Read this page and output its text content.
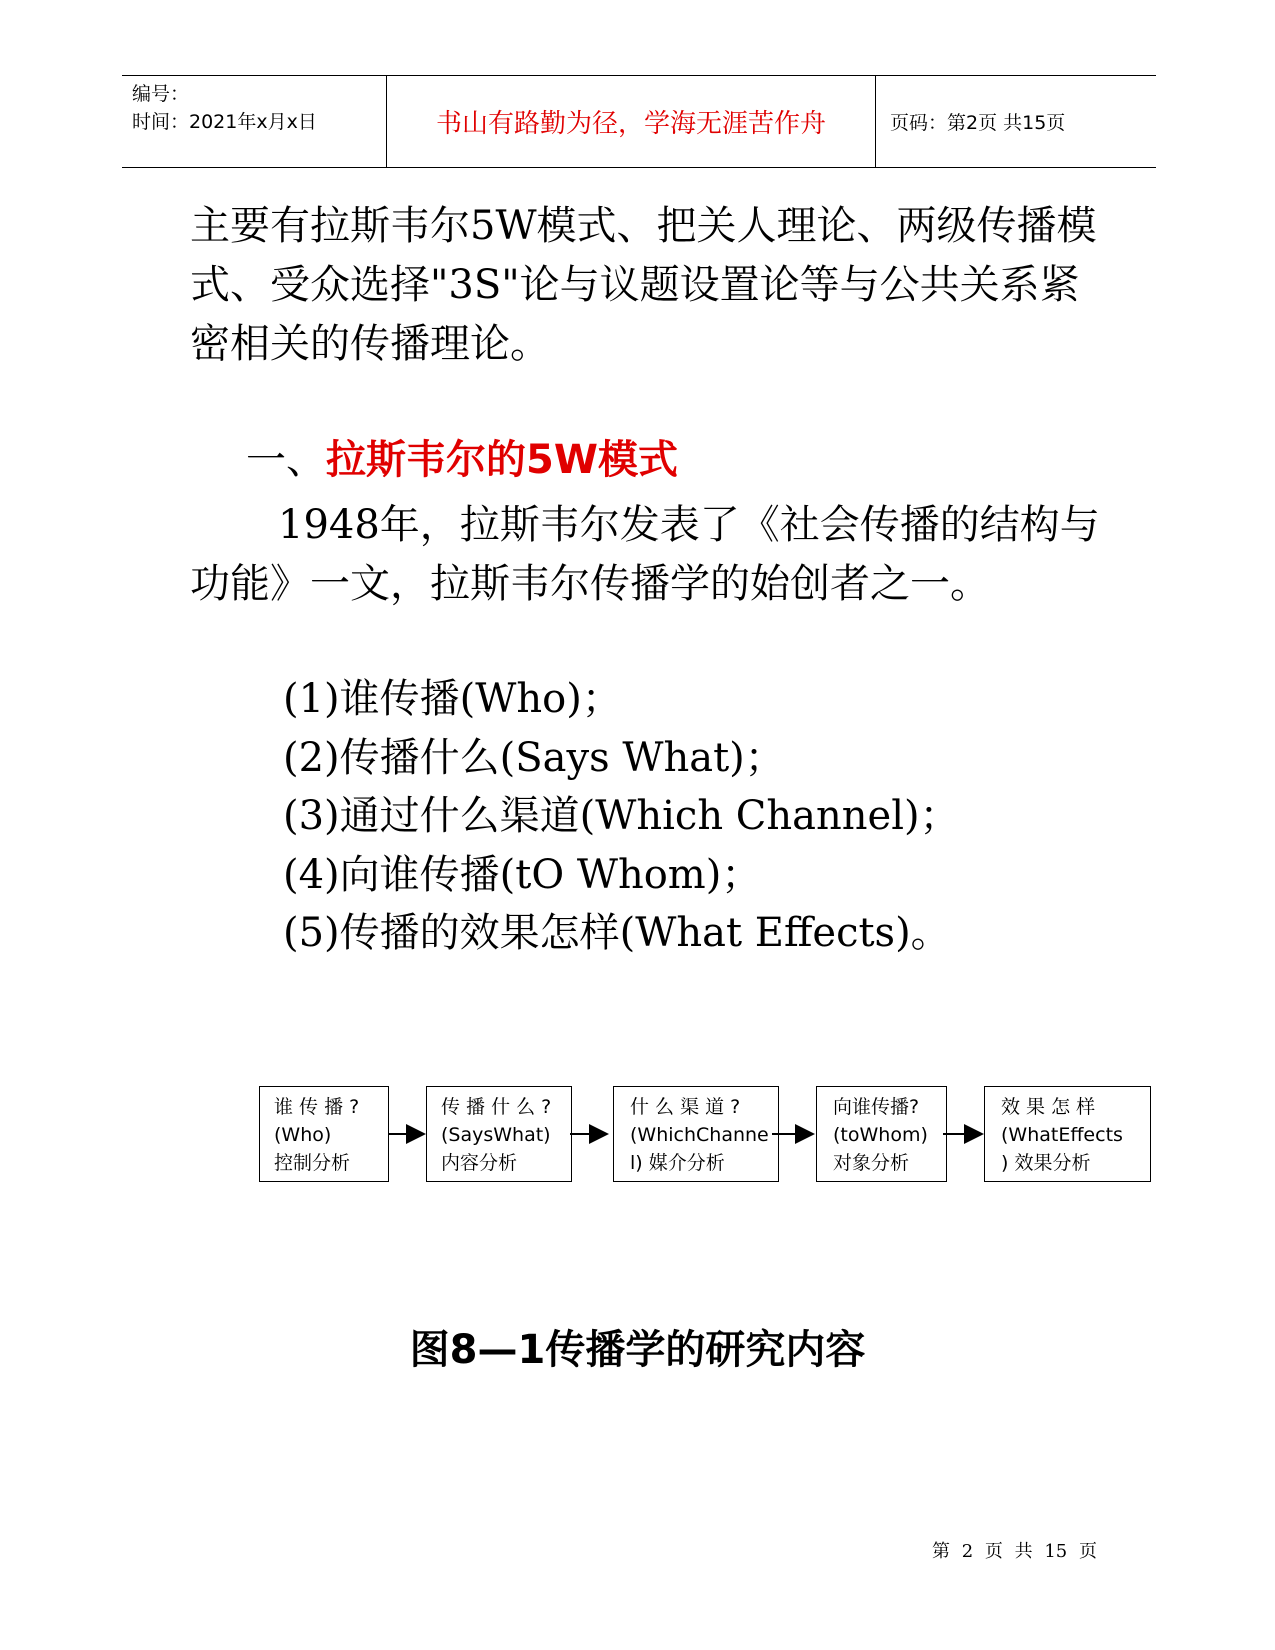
编号：
时间：2021年x月x日	书山有路勤为径，学海无涯苦作舟	页码：第2页 共15页

主要有拉斯韦尔5W模式、把关人理论、两级传播模式、受众选择"3S"论与议题设置论等与公共关系紧密相关的传播理论。

一、拉斯韦尔的5W模式

1948年，拉斯韦尔发表了《社会传播的结构与功能》一文，拉斯韦尔传播学的始创者之一。

(1)谁传播(Who)；
(2)传播什么(Says What)；
(3)通过什么渠道(Which Channel)；
(4)向谁传播(tO Whom)；
(5)传播的效果怎样(What Effects)。
谁 传 播 ?
(Who)
控制分析
传 播 什 么 ?
(SaysWhat)
内容分析
什 么 渠 道 ?
(WhichChanne
l) 媒介分析
向谁传播?
(toWhom)
对象分析
效 果 怎 样
(WhatEffects
) 效果分析
图8—1传播学的研究内容
第 2 页 共 15 页
